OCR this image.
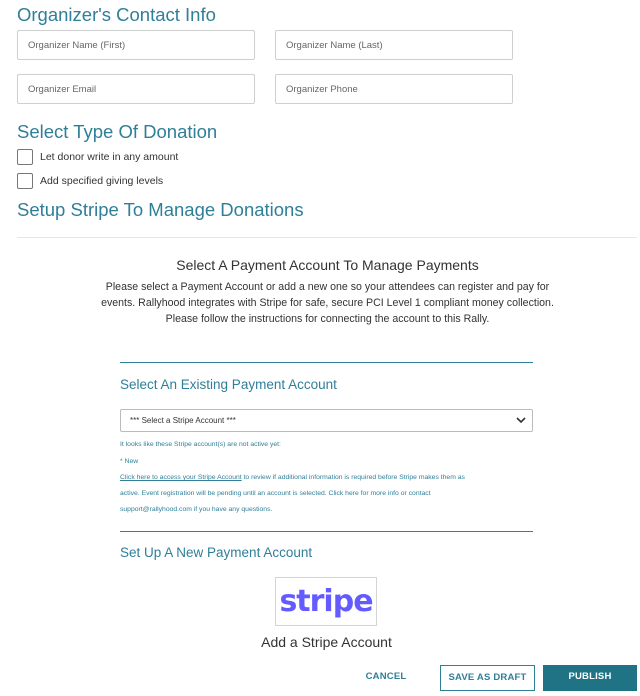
Organizer's Contact Info
Organizer Name (First)
Organizer Name (Last)
Organizer Email
Organizer Phone
Select Type Of Donation
Let donor write in any amount
Add specified giving levels
Setup Stripe To Manage Donations
Select A Payment Account To Manage Payments
Please select a Payment Account or add a new one so your attendees can register and pay for
events. Rallyhood integrates with Stripe for safe, secure PCI Level 1 compliant money collection.
Please follow the instructions for connecting the account to this Rally.
Select An Existing Payment Account
*** Select a Stripe Account ***
It looks like these Stripe account(s) are not active yet:
* New
Click here to access your Stripe Account to review if additional information is required before Stripe makes them as
active. Event registration will be pending until an account is selected. Click here for more info or contact
support@rallyhood.com if you have any questions.
Set Up A New Payment Account
stripe
Add a Stripe Account
CANCEL	SAVE AS DRAFT	PUBLISH
